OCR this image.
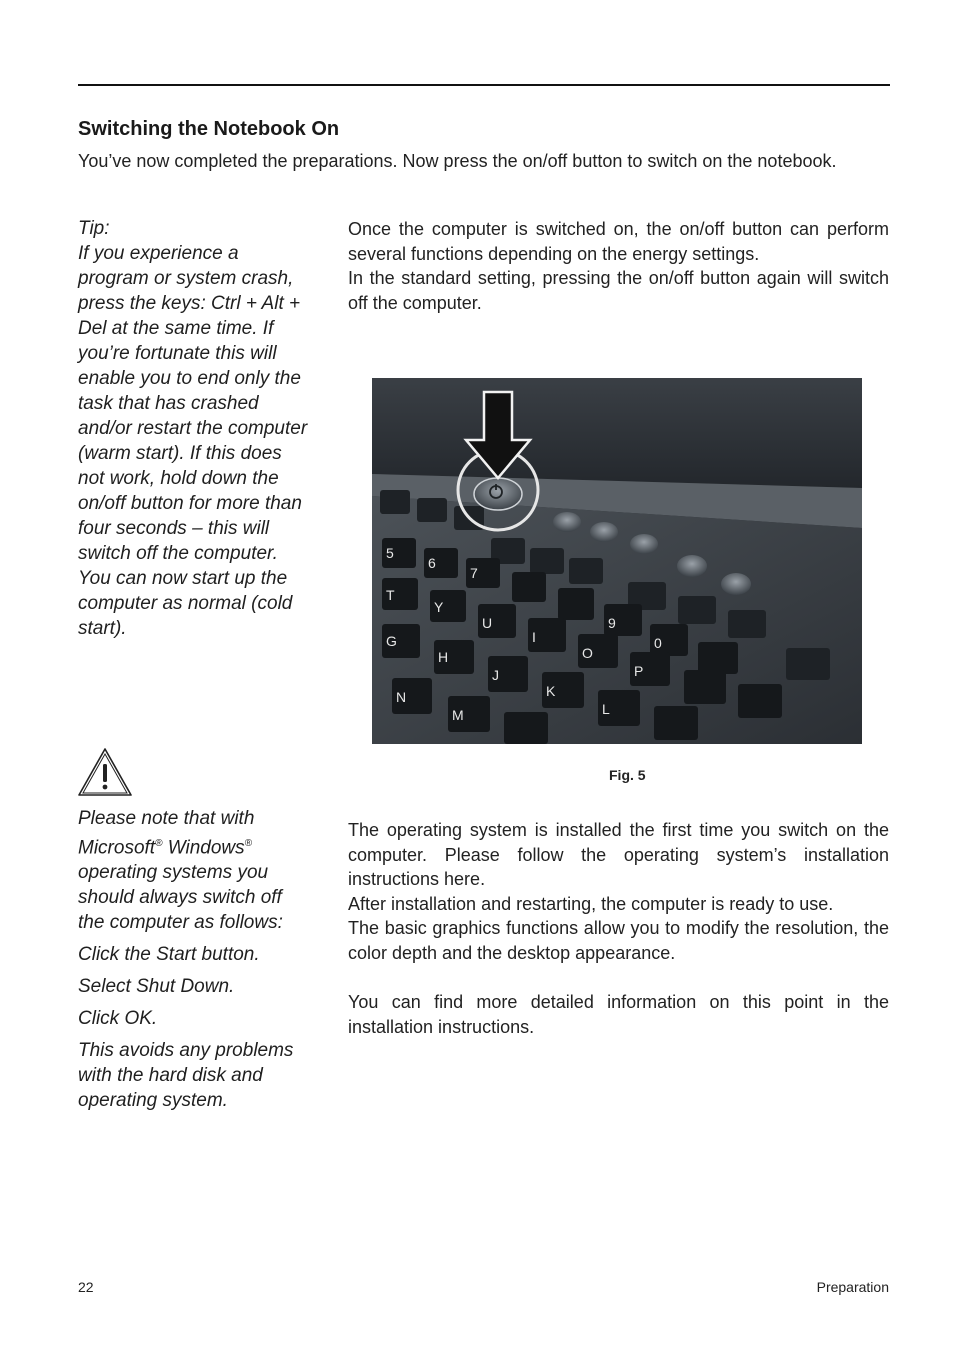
Switching the Notebook On
You’ve now completed the preparations. Now press the on/off button to switch on the notebook.

Tip:

If you experience a program or system crash, press the keys: Ctrl + Alt + Del at the same time. If you’re fortunate this will enable you to end only the task that has crashed and/or restart the computer (warm start). If this does not work, hold down the on/off button for more than four seconds – this will switch off the computer. You can now start up the computer as normal (cold start).

Please note that with
Microsoft® Windows® operating systems you should always switch off the computer as follows:

Click the Start button.

Select Shut Down.

Click OK.

This avoids any problems with the hard disk and operating system.

Once the computer is switched on, the on/off button can perform several functions depending on the energy settings.

In the standard setting, pressing the on/off button again will switch off the computer.

5
6
7
T
Y
U
I
O
P
G
H
J
K
L
N
M
9
0
Fig. 5

The operating system is installed the first time you switch on the computer. Please follow the operating system’s installation instructions here.

After installation and restarting, the computer is ready to use.

The basic graphics functions allow you to modify the resolution, the color depth and the desktop appearance.

You can find more detailed information on this point in the installation instructions.

22	Preparation
